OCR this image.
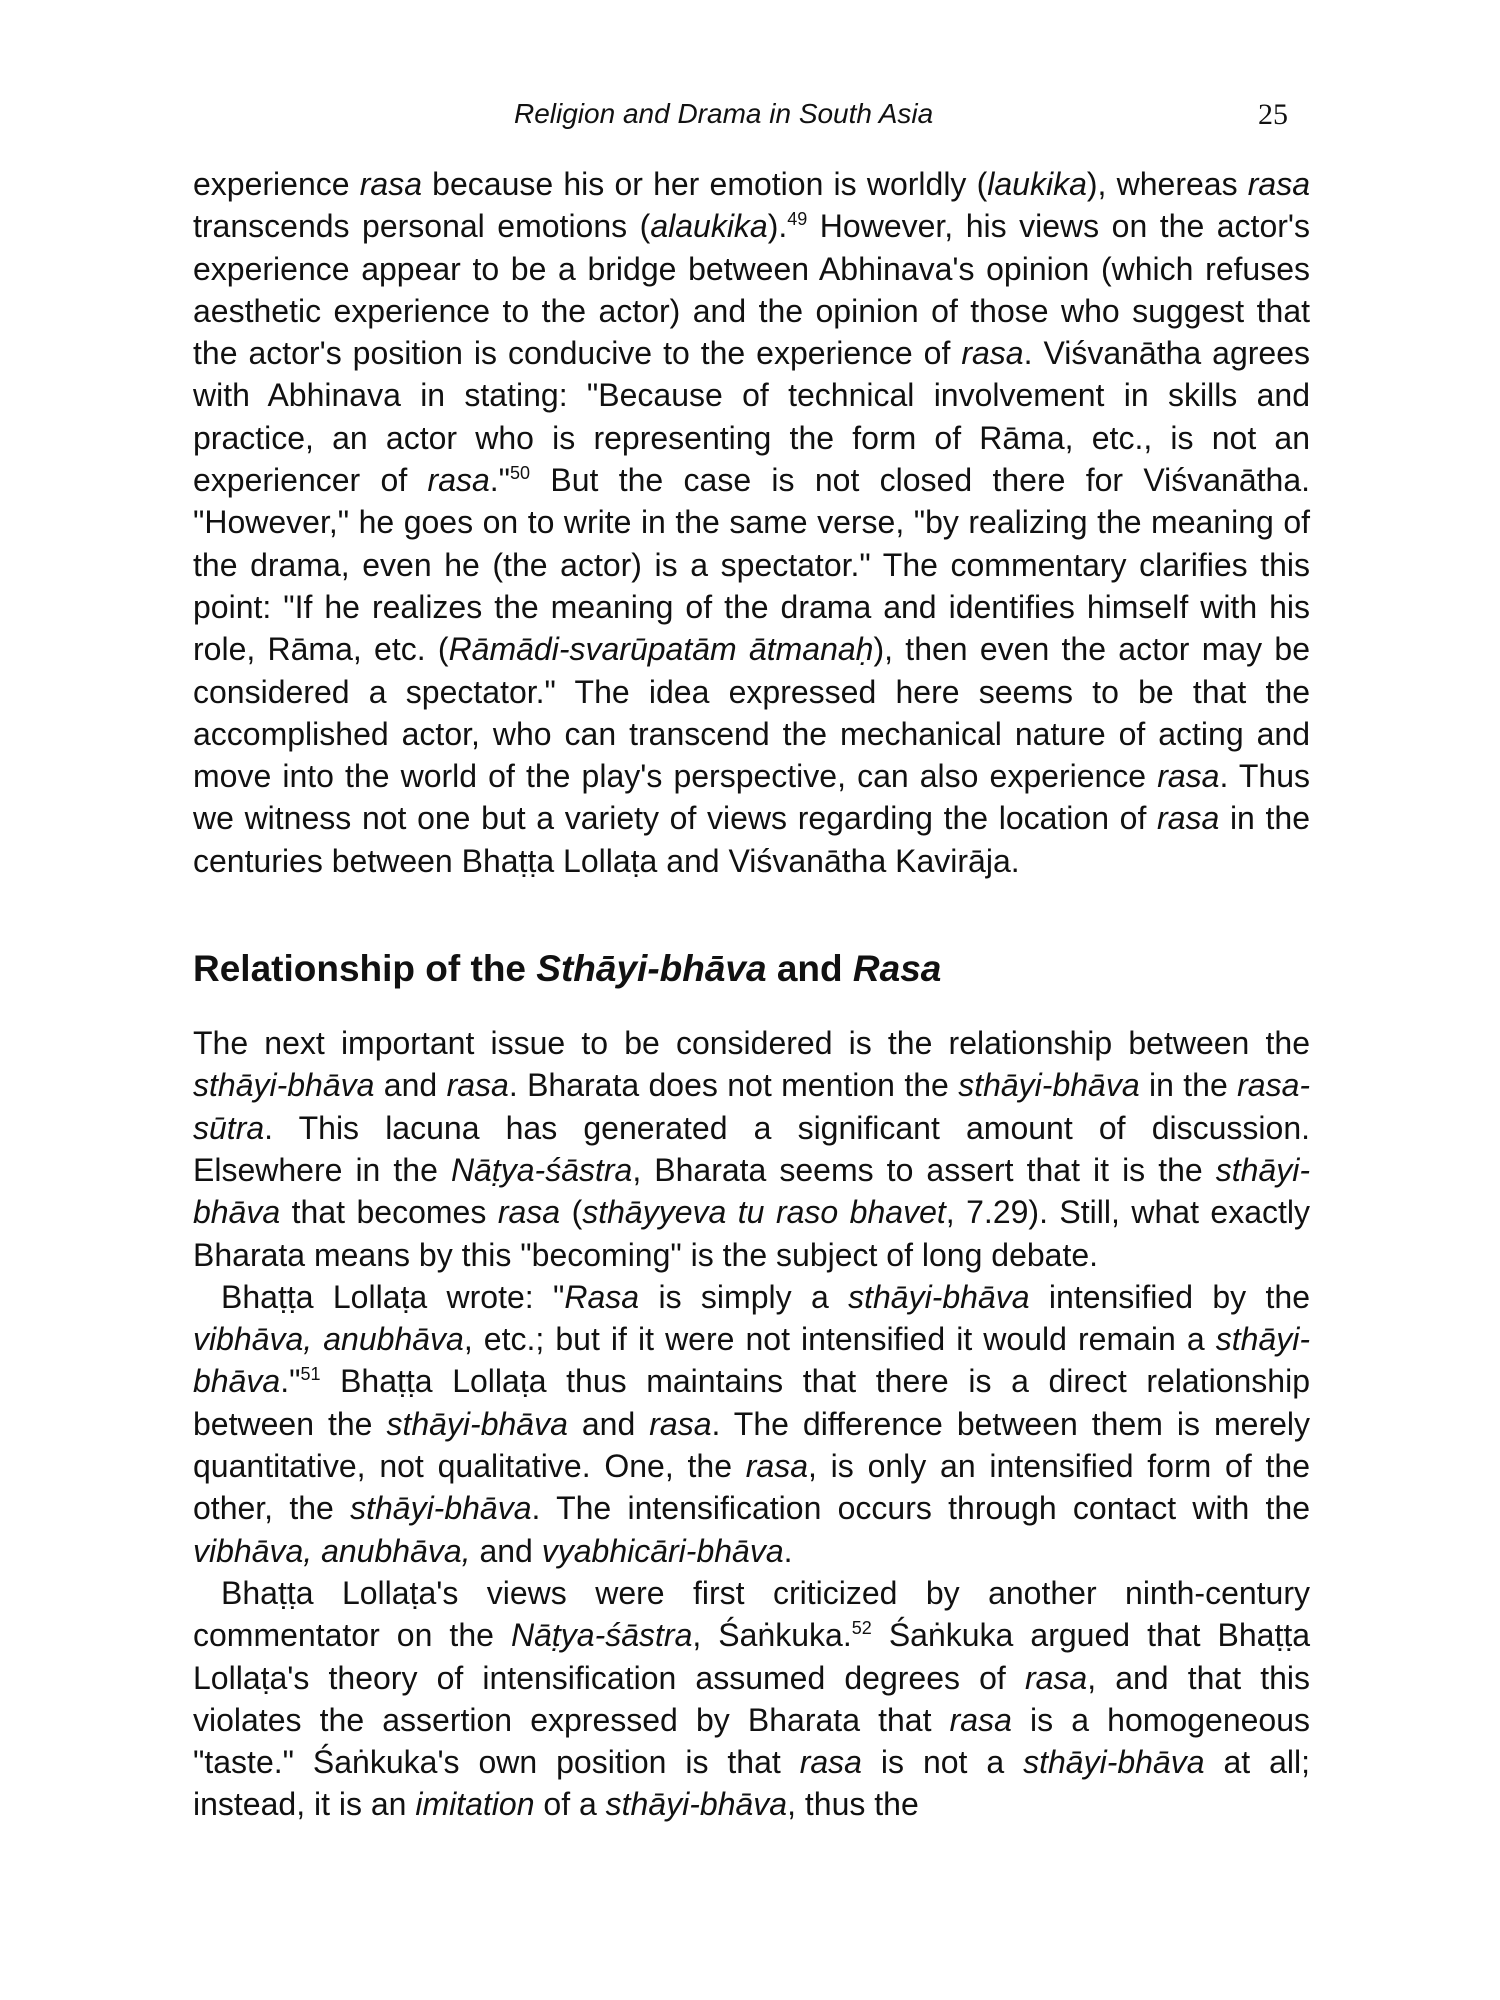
Religion and Drama in South Asia	25

experience rasa because his or her emotion is worldly (laukika), whereas rasa transcends personal emotions (alaukika).$^{49}$ However, his views on the actor's experience appear to be a bridge between Abhinava's opinion (which refuses aesthetic experience to the actor) and the opinion of those who suggest that the actor's position is conducive to the experience of rasa. Viśvanātha agrees with Abhinava in stating: "Because of technical involvement in skills and practice, an actor who is representing the form of Rāma, etc., is not an experiencer of rasa."$^{50}$ But the case is not closed there for Viśvanātha. "However," he goes on to write in the same verse, "by realizing the meaning of the drama, even he (the actor) is a spectator." The commentary clarifies this point: "If he realizes the meaning of the drama and identifies himself with his role, Rāma, etc. (Rāmādi-svarūpatām ātmanaḥ), then even the actor may be considered a spectator." The idea expressed here seems to be that the accomplished actor, who can transcend the mechanical nature of acting and move into the world of the play's perspective, can also experience rasa. Thus we witness not one but a variety of views regarding the location of rasa in the centuries between Bhaṭṭa Lollaṭa and Viśvanātha Kavirāja.

Relationship of the Sthāyi-bhāva and Rasa

The next important issue to be considered is the relationship between the sthāyi-bhāva and rasa. Bharata does not mention the sthāyi-bhāva in the rasa-sūtra. This lacuna has generated a significant amount of discussion. Elsewhere in the Nāṭya-śāstra, Bharata seems to assert that it is the sthāyi-bhāva that becomes rasa (sthāyyeva tu raso bhavet, 7.29). Still, what exactly Bharata means by this "becoming" is the subject of long debate.

Bhaṭṭa Lollaṭa wrote: "Rasa is simply a sthāyi-bhāva intensified by the vibhāva, anubhāva, etc.; but if it were not intensified it would remain a sthāyi-bhāva."$^{51}$ Bhaṭṭa Lollaṭa thus maintains that there is a direct relationship between the sthāyi-bhāva and rasa. The difference between them is merely quantitative, not qualitative. One, the rasa, is only an intensified form of the other, the sthāyi-bhāva. The intensification occurs through contact with the vibhāva, anubhāva, and vyabhicāri-bhāva.

Bhaṭṭa Lollaṭa's views were first criticized by another ninth-century commentator on the Nāṭya-śāstra, Śaṅkuka.$^{52}$ Śaṅkuka argued that Bhaṭṭa Lollaṭa's theory of intensification assumed degrees of rasa, and that this violates the assertion expressed by Bharata that rasa is a homogeneous "taste." Śaṅkuka's own position is that rasa is not a sthāyi-bhāva at all; instead, it is an imitation of a sthāyi-bhāva, thus the
